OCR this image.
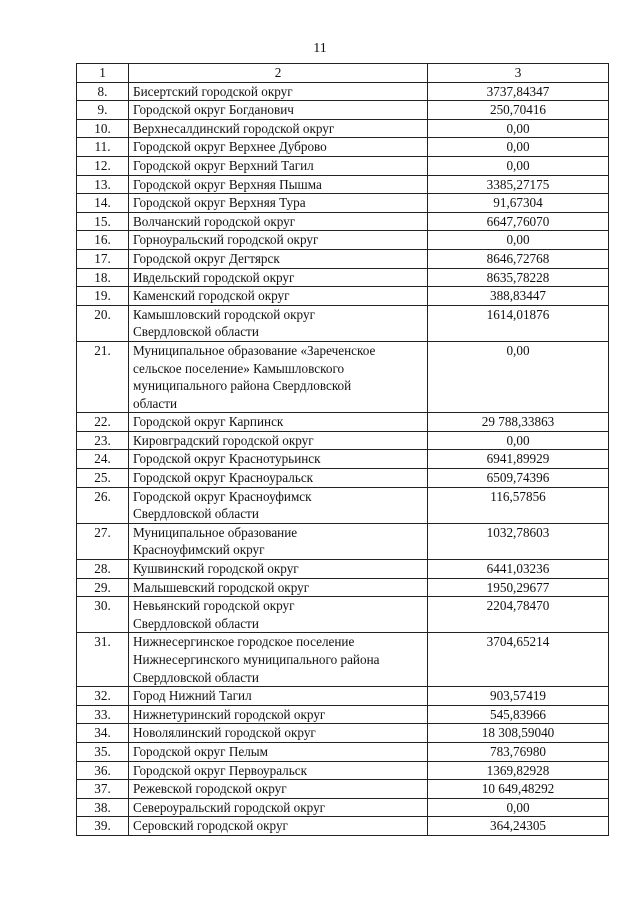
11
1	2	3
8.	Бисертский городской округ	3737,84347
9.	Городской округ Богданович	250,70416
10.	Верхнесалдинский городской округ	0,00
11.	Городской округ Верхнее Дуброво	0,00
12.	Городской округ Верхний Тагил	0,00
13.	Городской округ Верхняя Пышма	3385,27175
14.	Городской округ Верхняя Тура	91,67304
15.	Волчанский городской округ	6647,76070
16.	Горноуральский городской округ	0,00
17.	Городской округ Дегтярск	8646,72768
18.	Ивдельский городской округ	8635,78228
19.	Каменский городской округ	388,83447
20.	Камышловский городской округ
Свердловской области	1614,01876
21.	Муниципальное образование «Зареченское
сельское поселение» Камышловского
муниципального района Свердловской
области	0,00
22.	Городской округ Карпинск	29 788,33863
23.	Кировградский городской округ	0,00
24.	Городской округ Краснотурьинск	6941,89929
25.	Городской округ Красноуральск	6509,74396
26.	Городской округ Красноуфимск
Свердловской области	116,57856
27.	Муниципальное образование
Красноуфимский округ	1032,78603
28.	Кушвинский городской округ	6441,03236
29.	Малышевский городской округ	1950,29677
30.	Невьянский городской округ
Свердловской области	2204,78470
31.	Нижнесергинское городское поселение
Нижнесергинского муниципального района
Свердловской области	3704,65214
32.	Город Нижний Тагил	903,57419
33.	Нижнетуринский городской округ	545,83966
34.	Новолялинский городской округ	18 308,59040
35.	Городской округ Пелым	783,76980
36.	Городской округ Первоуральск	1369,82928
37.	Режевской городской округ	10 649,48292
38.	Североуральский городской округ	0,00
39.	Серовский городской округ	364,24305
